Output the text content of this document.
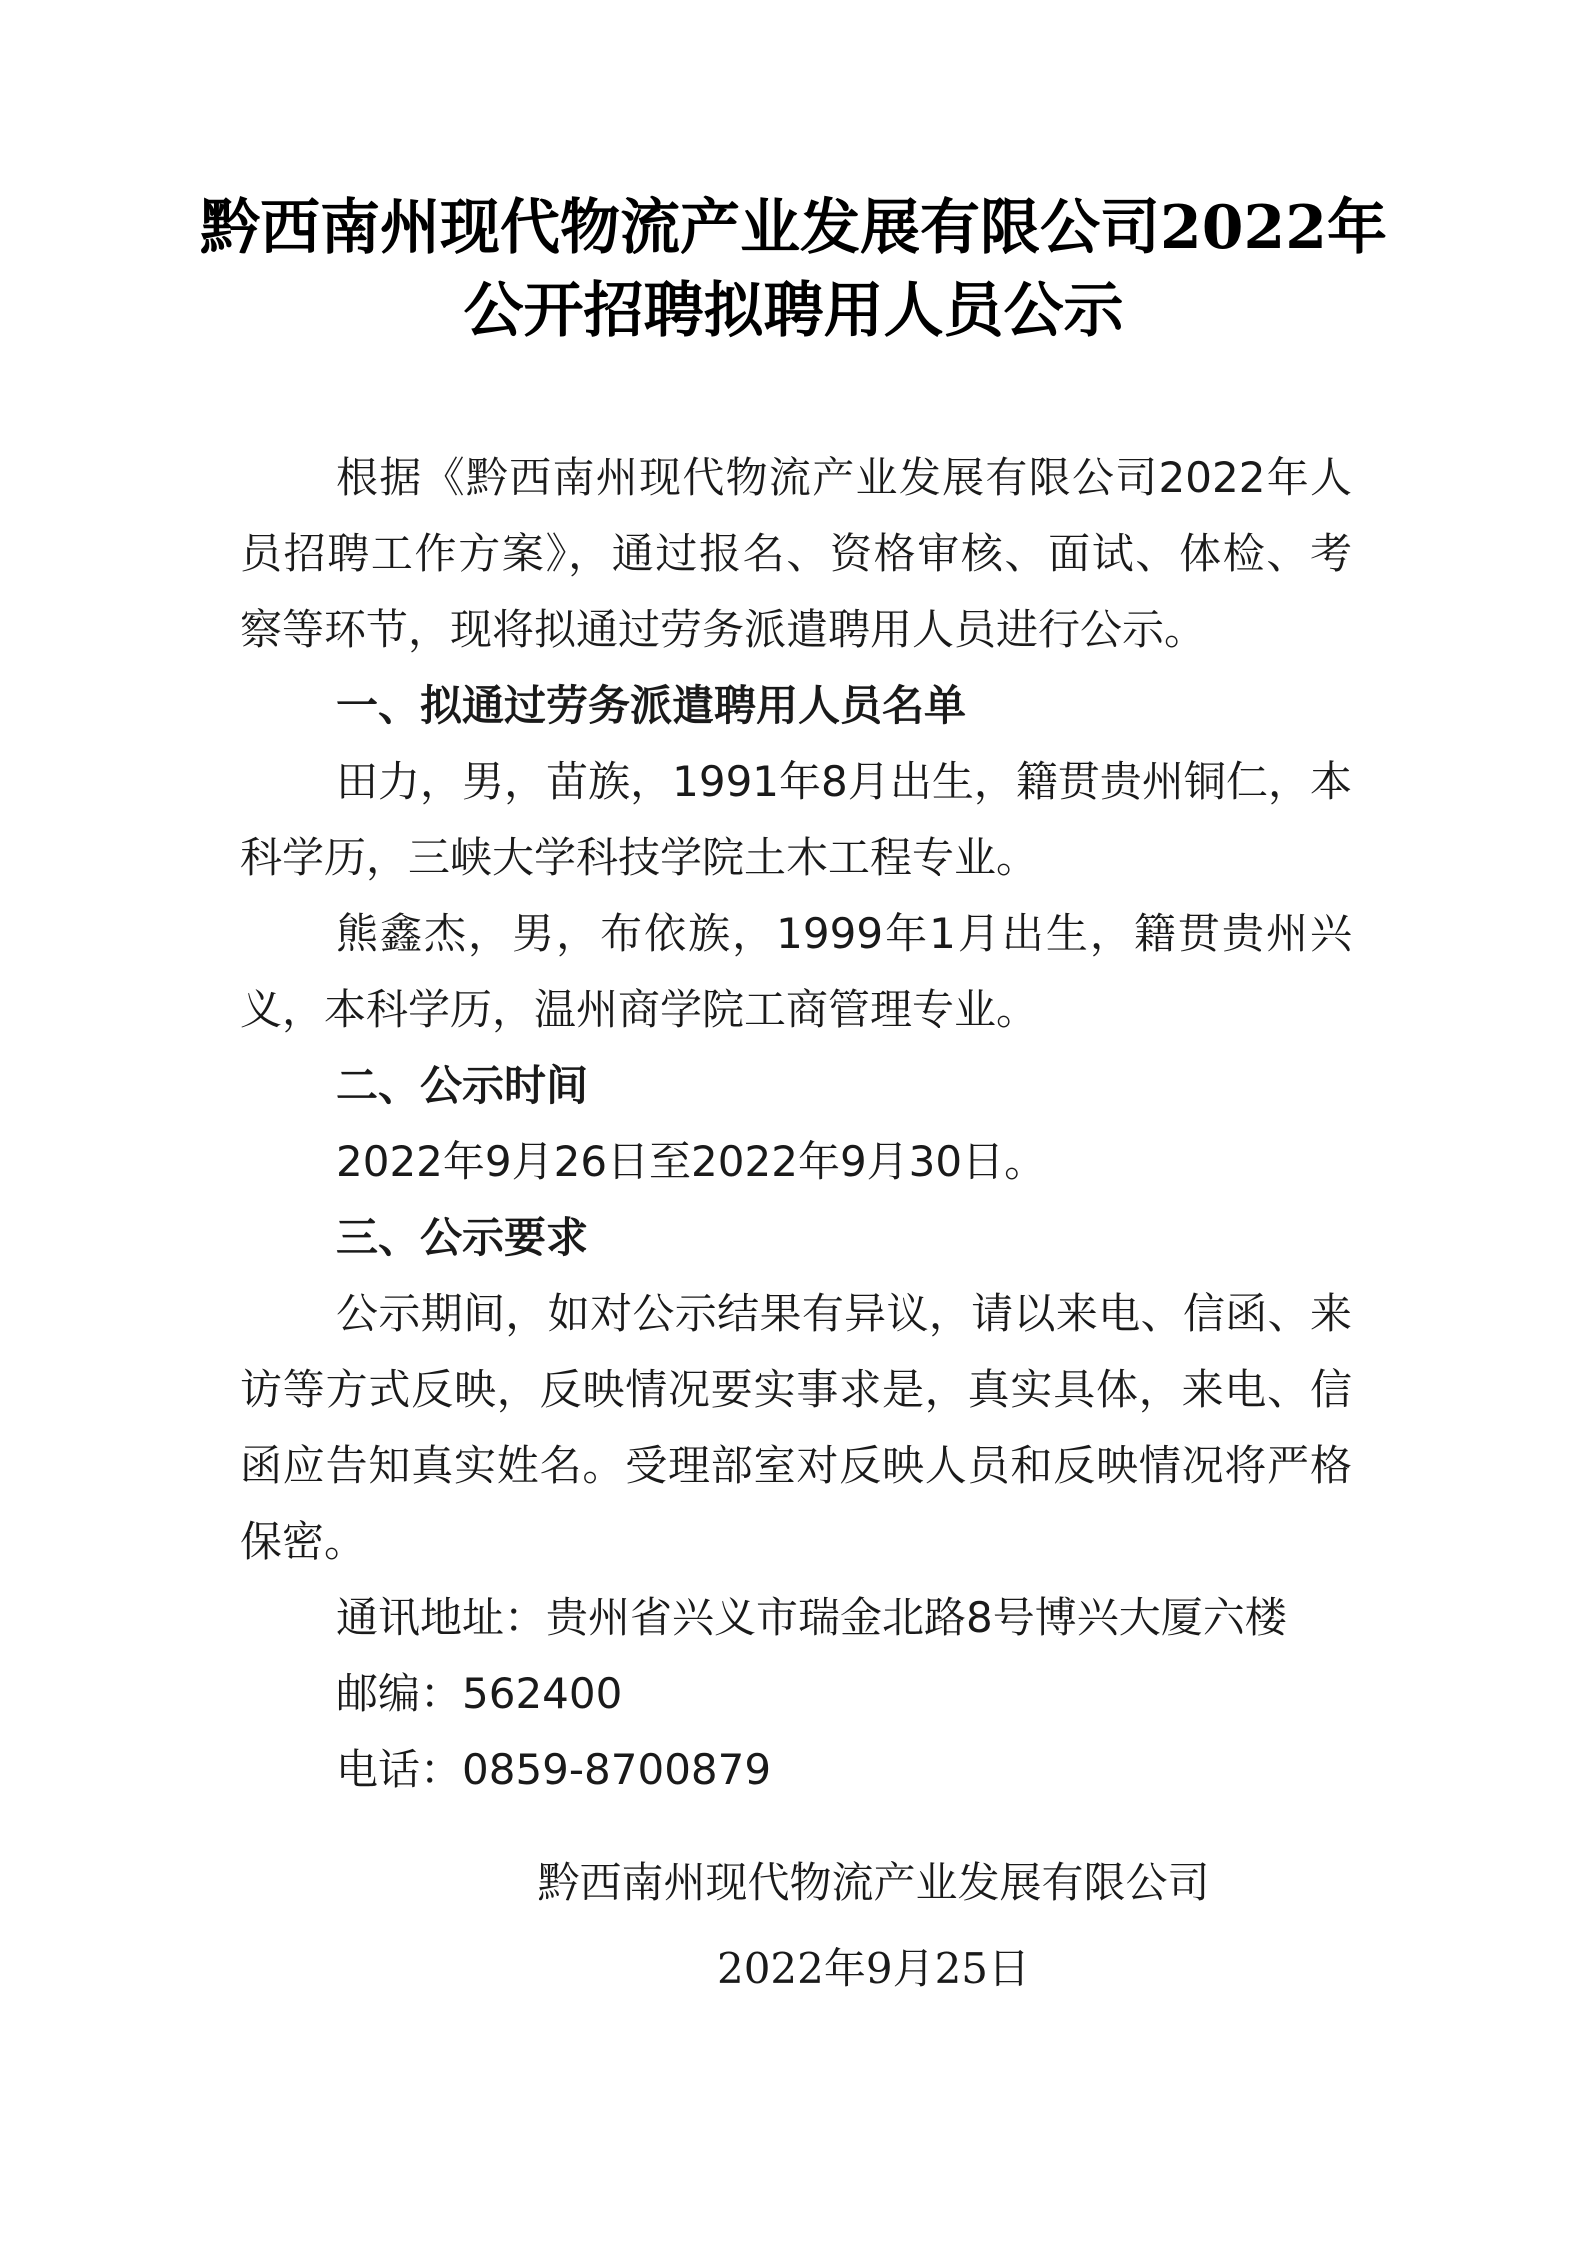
黔西南州现代物流产业发展有限公司2022年
公开招聘拟聘用人员公示

根据《黔西南州现代物流产业发展有限公司2022年人员招聘工作方案》，通过报名、资格审核、面试、体检、考察等环节，现将拟通过劳务派遣聘用人员进行公示。

一、拟通过劳务派遣聘用人员名单

田力，男，苗族，1991年8月出生，籍贯贵州铜仁，本科学历，三峡大学科技学院土木工程专业。

熊鑫杰，男，布依族，1999年1月出生，籍贯贵州兴义，本科学历，温州商学院工商管理专业。

二、公示时间

2022年9月26日至2022年9月30日。

三、公示要求

公示期间，如对公示结果有异议，请以来电、信函、来访等方式反映，反映情况要实事求是，真实具体，来电、信函应告知真实姓名。受理部室对反映人员和反映情况将严格保密。

通讯地址：贵州省兴义市瑞金北路8号博兴大厦六楼

邮编：562400

电话：0859-8700879

黔西南州现代物流产业发展有限公司

2022年9月25日
